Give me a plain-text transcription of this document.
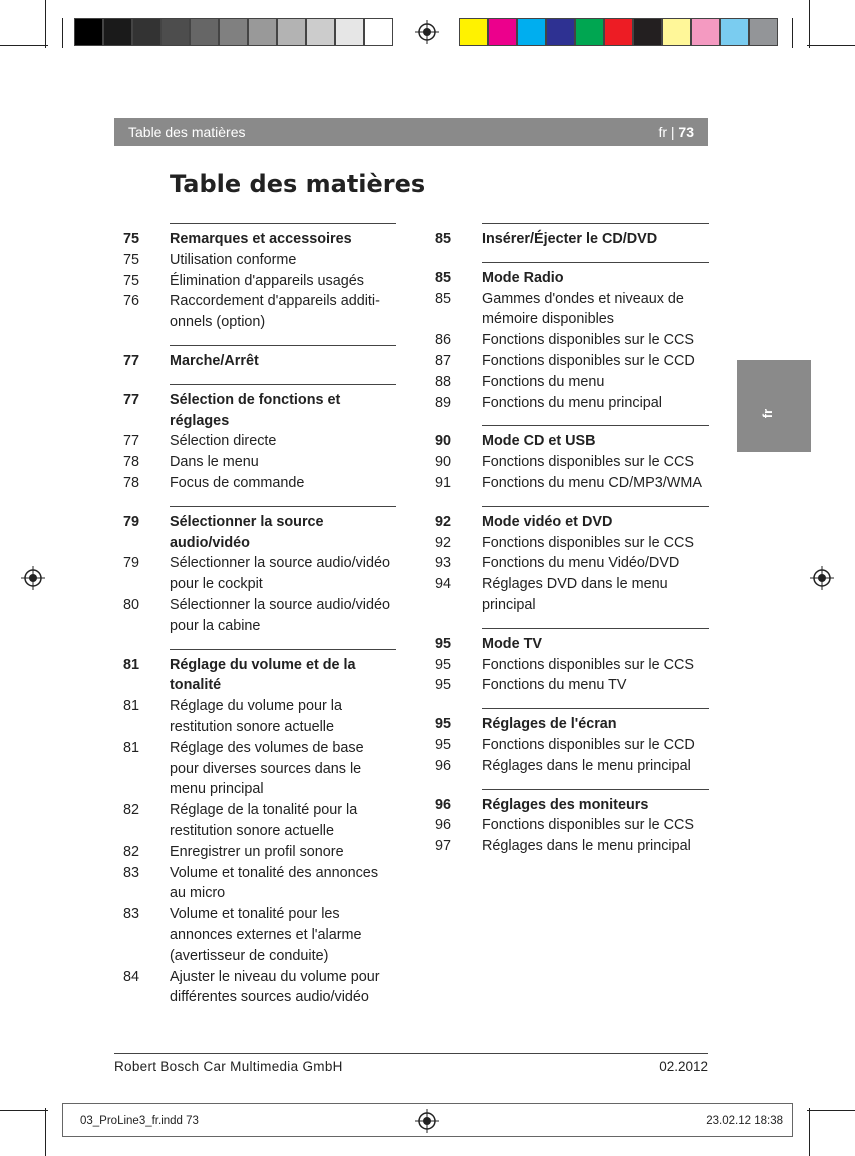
Table des matières	fr | 73
Table des matières
fr
75	Remarques et accessoires
75	Utilisation conforme
75	Élimination d'appareils usagés
76	Raccordement d'appareils additi-onnels (option)
77	Marche/Arrêt
77	Sélection de fonctions et réglages
77	Sélection directe
78	Dans le menu
78	Focus de commande
79	Sélectionner la source audio/vidéo
79	Sélectionner la source audio/vidéo pour le cockpit
80	Sélectionner la source audio/vidéo pour la cabine
81	Réglage du volume et de la tonalité
81	Réglage du volume pour la restitution sonore actuelle
81	Réglage des volumes de base pour diverses sources dans le menu principal
82	Réglage de la tonalité pour la restitution sonore actuelle
82	Enregistrer un profil sonore
83	Volume et tonalité des annonces au micro
83	Volume et tonalité pour les annonces externes et l'alarme (avertisseur de conduite)
84	Ajuster le niveau du volume pour différentes sources audio/vidéo
85	Insérer/Éjecter le CD/DVD
85	Mode Radio
85	Gammes d'ondes et niveaux de mémoire disponibles
86	Fonctions disponibles sur le CCS
87	Fonctions disponibles sur le CCD
88	Fonctions du menu
89	Fonctions du menu principal
90	Mode CD et USB
90	Fonctions disponibles sur le CCS
91	Fonctions du menu CD/MP3/WMA
92	Mode vidéo et DVD
92	Fonctions disponibles sur le CCS
93	Fonctions du menu Vidéo/DVD
94	Réglages DVD dans le menu principal
95	Mode TV
95	Fonctions disponibles sur le CCS
95	Fonctions du menu TV
95	Réglages de l'écran
95	Fonctions disponibles sur le CCD
96	Réglages dans le menu principal
96	Réglages des moniteurs
96	Fonctions disponibles sur le CCS
97	Réglages dans le menu principal
Robert Bosch Car Multimedia GmbH	02.2012
03_ProLine3_fr.indd 73	23.02.12 18:38
